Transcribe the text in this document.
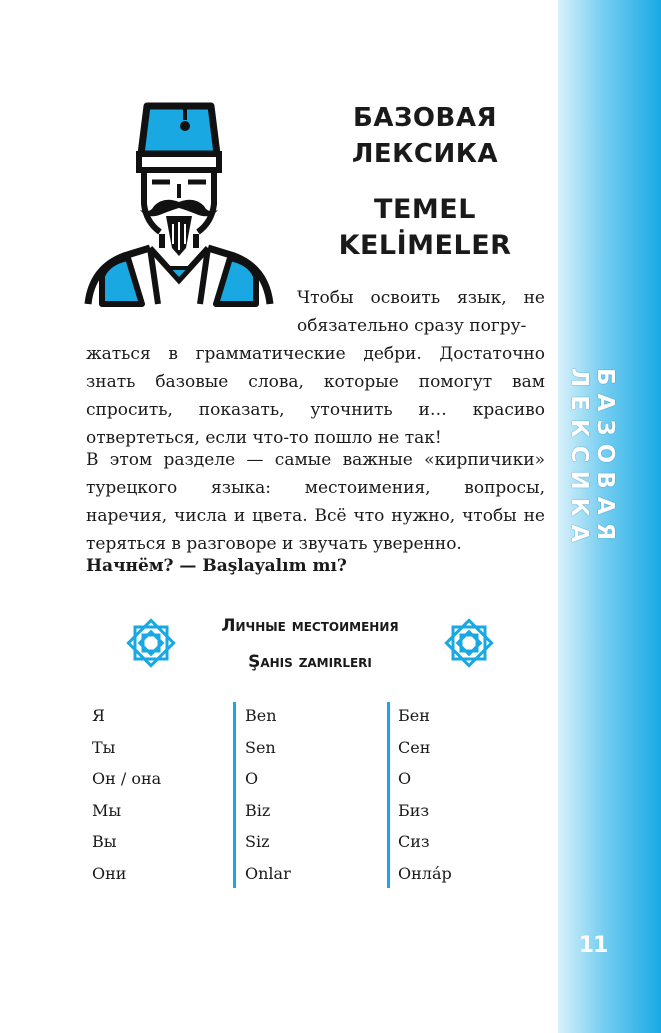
БАЗОВАЯ ЛЕКСИКА
11
БАЗОВАЯ ЛЕКСИКА
TEMEL KELİMELER

Чтобы освоить язык, не обязательно сразу погру-

жаться в грамматические дебри. Достаточно знать базовые слова, которые помогут вам спросить, показать, уточнить и… красиво отвертеться, если что-то пошло не так!

В этом разделе — самые важные «кирпичики» турецкого языка: местоимения, вопросы, наречия, числа и цвета. Всё что нужно, чтобы не теряться в разговоре и звучать уверенно.

Начнём? — Başlayalım mı?

Личные местоимения
Şahıs zamirleri
Я
Ты
Он / она
Мы
Вы
Они
Ben
Sen
O
Biz
Siz
Onlar
Бен
Сен
О
Биз
Сиз
Онла́р
